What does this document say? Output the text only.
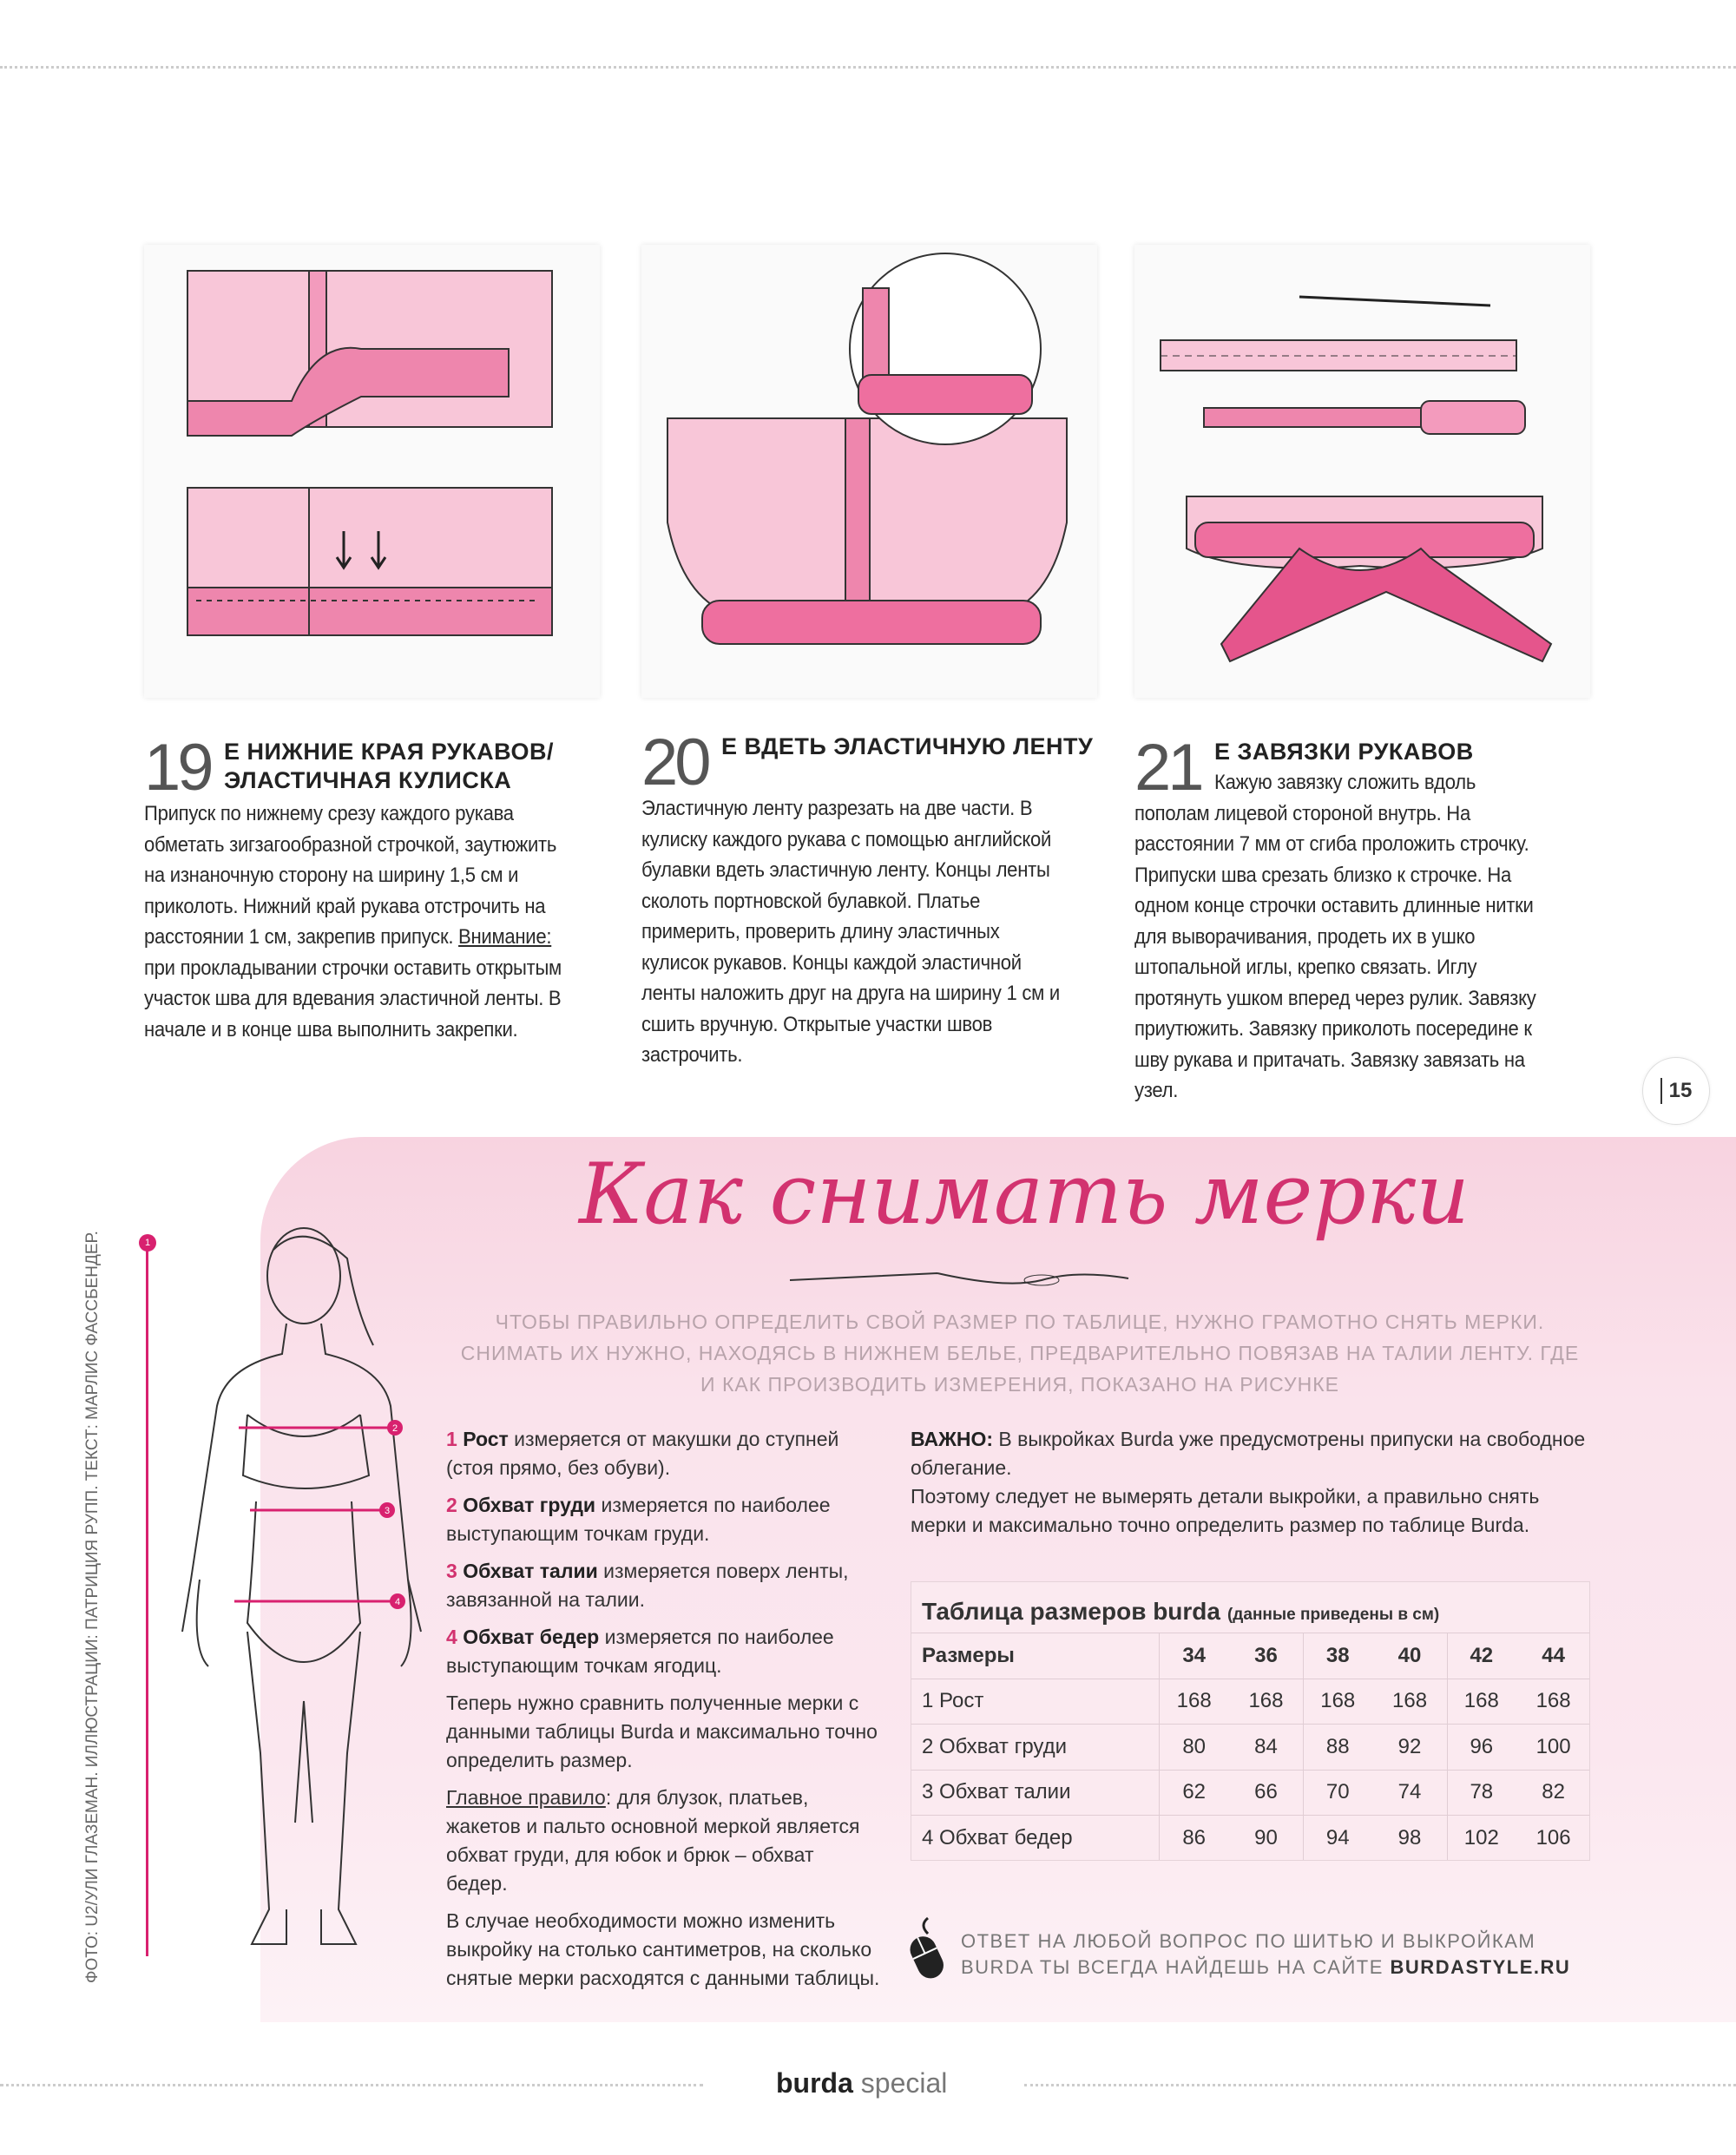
19 Е НИЖНИЕ КРАЯ РУКАВОВ/ ЭЛАСТИЧНАЯ КУЛИСКА

Припуск по нижнему срезу каждого рукава обметать зигзагообразной строчкой, заутюжить на изнаночную сторону на ширину 1,5 см и приколоть. Нижний край рукава отстрочить на расстоянии 1 см, закрепив припуск. Внимание: при прокладывании строчки оставить открытым участок шва для вдевания эластичной ленты. В начале и в конце шва выполнить закрепки.

20 Е ВДЕТЬ ЭЛАСТИЧНУЮ ЛЕНТУ

Эластичную ленту разрезать на две части. В кулиску каждого рукава с помощью английской булавки вдеть эластичную ленту. Концы ленты сколоть портновской булавкой. Платье примерить, проверить длину эластичных кулисок рукавов. Концы каждой эластичной ленты наложить друг на друга на ширину 1 см и сшить вручную. Открытые участки швов застрочить.

21 Е ЗАВЯЗКИ РУКАВОВ

Кажую завязку сложить вдоль

пополам лицевой стороной внутрь. На расстоянии 7 мм от сгиба проложить строчку. Припуски шва срезать близко к строчке. На одном конце строчки оставить длинные нитки для выворачивания, продеть их в ушко штопальной иглы, крепко связать. Иглу протянуть ушком вперед через рулик. Завязку приутюжить. Завязку приколоть посередине к шву рукава и притачать. Завязку завязать на узел.	15
ФОТО: U2/УЛИ ГЛАЗЕМАН. ИЛЛЮСТРАЦИИ: ПАТРИЦИЯ РУПП. ТЕКСТ: МАРЛИС ФАССБЕНДЕР.
Как снимать мерки
ЧТОБЫ ПРАВИЛЬНО ОПРЕДЕЛИТЬ СВОЙ РАЗМЕР ПО ТАБЛИЦЕ, НУЖНО ГРАМОТНО СНЯТЬ МЕРКИ. СНИМАТЬ ИХ НУЖНО, НАХОДЯСЬ В НИЖНЕМ БЕЛЬЕ, ПРЕДВАРИТЕЛЬНО ПОВЯЗАВ НА ТАЛИИ ЛЕНТУ. ГДЕ И КАК ПРОИЗВОДИТЬ ИЗМЕРЕНИЯ, ПОКАЗАНО НА РИСУНКЕ
1
2
3
4

1 Рост измеряется от макушки до ступней (стоя прямо, без обуви).

2 Обхват груди измеряется по наиболее выступающим точкам груди.

3 Обхват талии измеряется поверх ленты, завязанной на талии.

4 Обхват бедер измеряется по наиболее выступающим точкам ягодиц.

Теперь нужно сравнить полученные мерки с данными таблицы Burda и максимально точно определить размер.

Главное правило: для блузок, платьев, жакетов и пальто основной меркой является обхват груди, для юбок и брюк – обхват бедер.

В случае необходимости можно изменить выкройку на столько сантиметров, на сколько снятые мерки расходятся с данными таблицы.

ВАЖНО: В выкройках Burda уже предусмотрены припуски на свободное облегание.

Поэтому следует не вымерять детали выкройки, а правильно снять мерки и максимально точно определить размер по таблице Burda.

Таблица размеров burda (данные приведены в см)
Размеры	34	36	38	40	42	44
1 Рост	168	168	168	168	168	168
2 Обхват груди	80	84	88	92	96	100
3 Обхват талии	62	66	70	74	78	82
4 Обхват бедер	86	90	94	98	102	106
ОТВЕТ НА ЛЮБОЙ ВОПРОС ПО ШИТЬЮ И ВЫКРОЙКАМ
BURDA ТЫ ВСЕГДА НАЙДЕШЬ НА САЙТЕ BURDASTYLE.RU
burda special
